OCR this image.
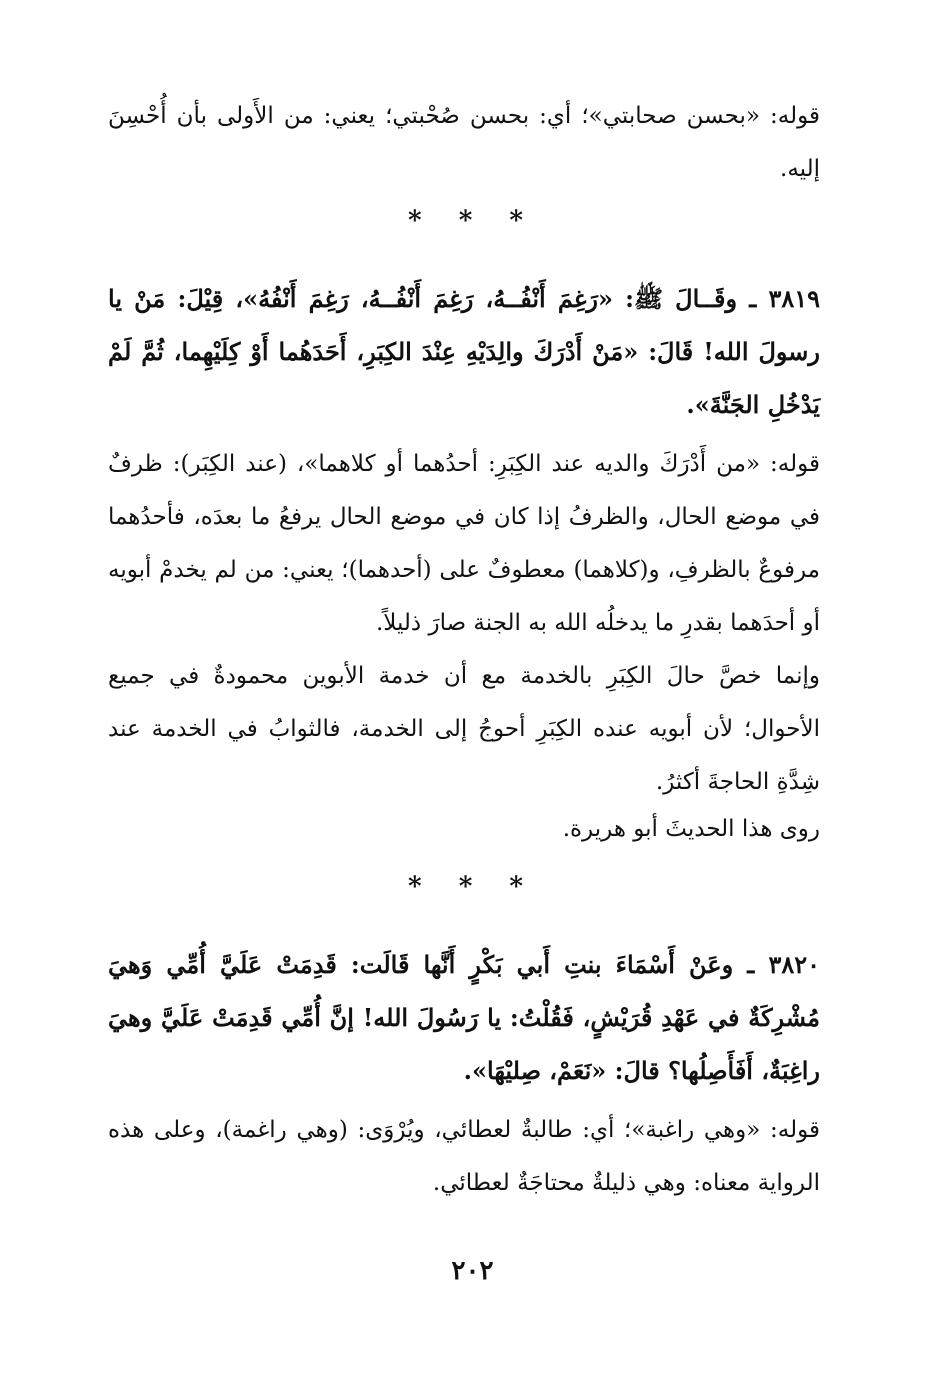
قوله: «بحسن صحابتي»؛ أي: بحسن صُحْبتي؛ يعني: من الأَولى بأن أُحْسِنَ إليه.
* * *
٣٨١٩ ـ وقَــالَ ﷺ: «رَغِمَ أَنْفُــهُ، رَغِمَ أَنْفُــهُ، رَغِمَ أَنْفُهُ»، قِيْلَ: مَنْ يا رسولَ الله! قَالَ: «مَنْ أَدْرَكَ والِدَيْهِ عِنْدَ الكِبَرِ، أَحَدَهُما أَوْ كِلَيْهِما، ثُمَّ لَمْ يَدْخُلِ الجَنَّةَ».
قوله: «من أَدْرَكَ والديه عند الكِبَرِ: أحدُهما أو كلاهما»، (عند الكِبَر): ظرفٌ في موضع الحال، والظرفُ إذا كان في موضع الحال يرفعُ ما بعدَه، فأحدُهما مرفوعٌ بالظرفِ، و(كلاهما) معطوفٌ على (أحدهما)؛ يعني: من لم يخدمْ أبويه أو أحدَهما بقدرِ ما يدخلُه الله به الجنة صارَ ذليلاً.
وإنما خصَّ حالَ الكِبَرِ بالخدمة مع أن خدمة الأبوين محمودةٌ في جميع الأحوال؛ لأن أبويه عنده الكِبَرِ أحوجُ إلى الخدمة، فالثوابُ في الخدمة عند شِدَّةِ الحاجةَ أكثرُ.
روى هذا الحديثَ أبو هريرة.
* * *
٣٨٢٠ ـ وعَنْ أَسْمَاءَ بنتِ أَبي بَكْرٍ أَنَّها قَالَت: قَدِمَتْ عَلَيَّ أُمِّي وَهيَ مُشْرِكَةٌ في عَهْدِ قُرَيْشٍ، فَقُلْتُ: يا رَسُولَ الله! إنَّ أُمِّي قَدِمَتْ عَلَيَّ وهيَ راغِبَةٌ، أَفَأَصِلُها؟ قالَ: «نَعَمْ، صِليْهَا».
قوله: «وهي راغبة»؛ أي: طالبةٌ لعطائي، ويُرْوَى: (وهي راغمة)، وعلى هذه الرواية معناه: وهي ذليلةٌ محتاجَةٌ لعطائي.
٢٠٢
